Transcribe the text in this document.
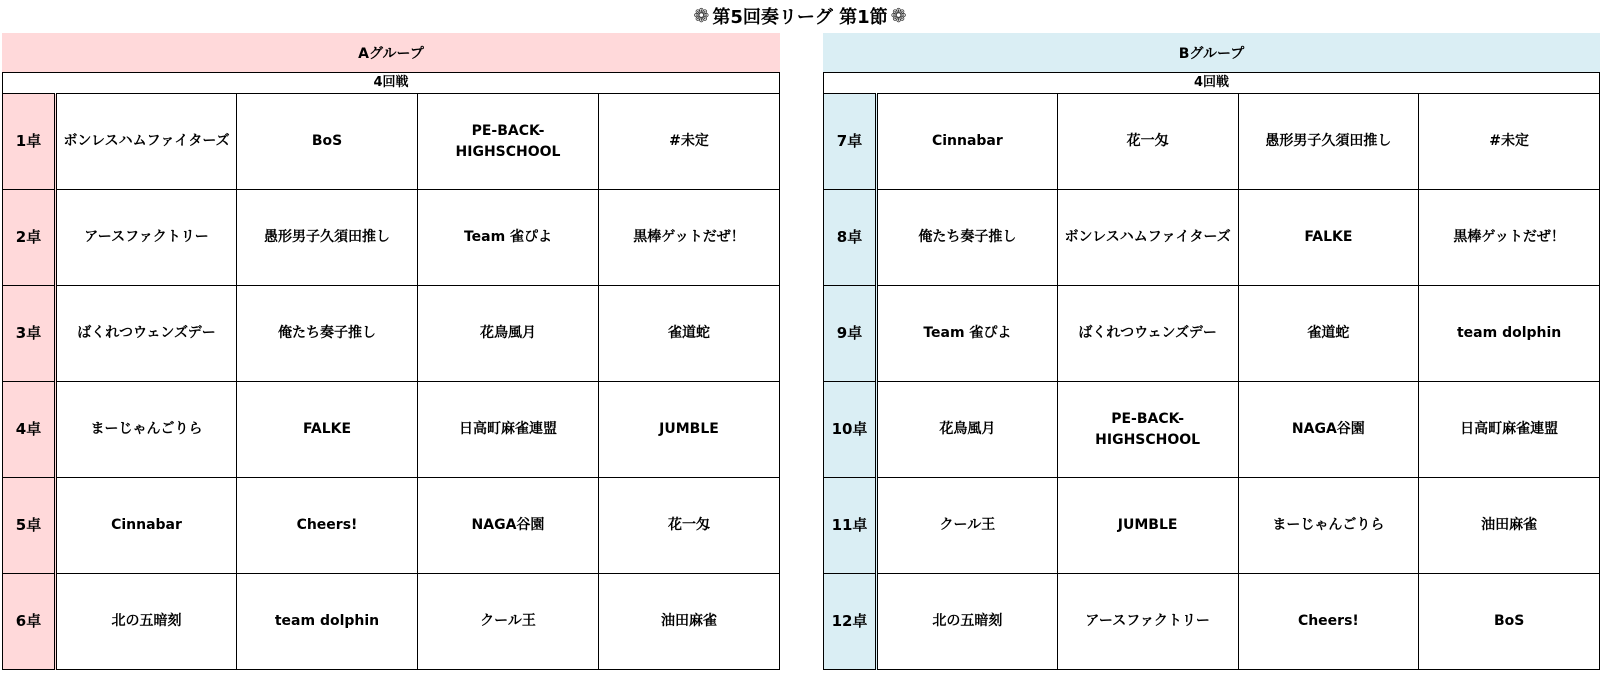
❁ 第5回奏リーグ 第1節 ❁
Aグループ
4回戦				
1卓	ボンレスハムファイターズ	BoS	PE-BACK-HIGHSCHOOL	#未定
2卓	アースファクトリー	愚形男子久須田推し	Team 雀ぴよ	黒棒ゲットだぜ！
3卓	ばくれつウェンズデー	俺たち奏子推し	花鳥風月	雀道蛇
4卓	まーじゃんごりら	FALKE	日高町麻雀連盟	JUMBLE
5卓	Cinnabar	Cheers!	NAGA谷園	花一匁
6卓	北の五暗刻	team dolphin	クール王	油田麻雀
Bグループ
4回戦				
7卓	Cinnabar	花一匁	愚形男子久須田推し	#未定
8卓	俺たち奏子推し	ボンレスハムファイターズ	FALKE	黒棒ゲットだぜ！
9卓	Team 雀ぴよ	ばくれつウェンズデー	雀道蛇	team dolphin
10卓	花鳥風月	PE-BACK-HIGHSCHOOL	NAGA谷園	日高町麻雀連盟
11卓	クール王	JUMBLE	まーじゃんごりら	油田麻雀
12卓	北の五暗刻	アースファクトリー	Cheers!	BoS
